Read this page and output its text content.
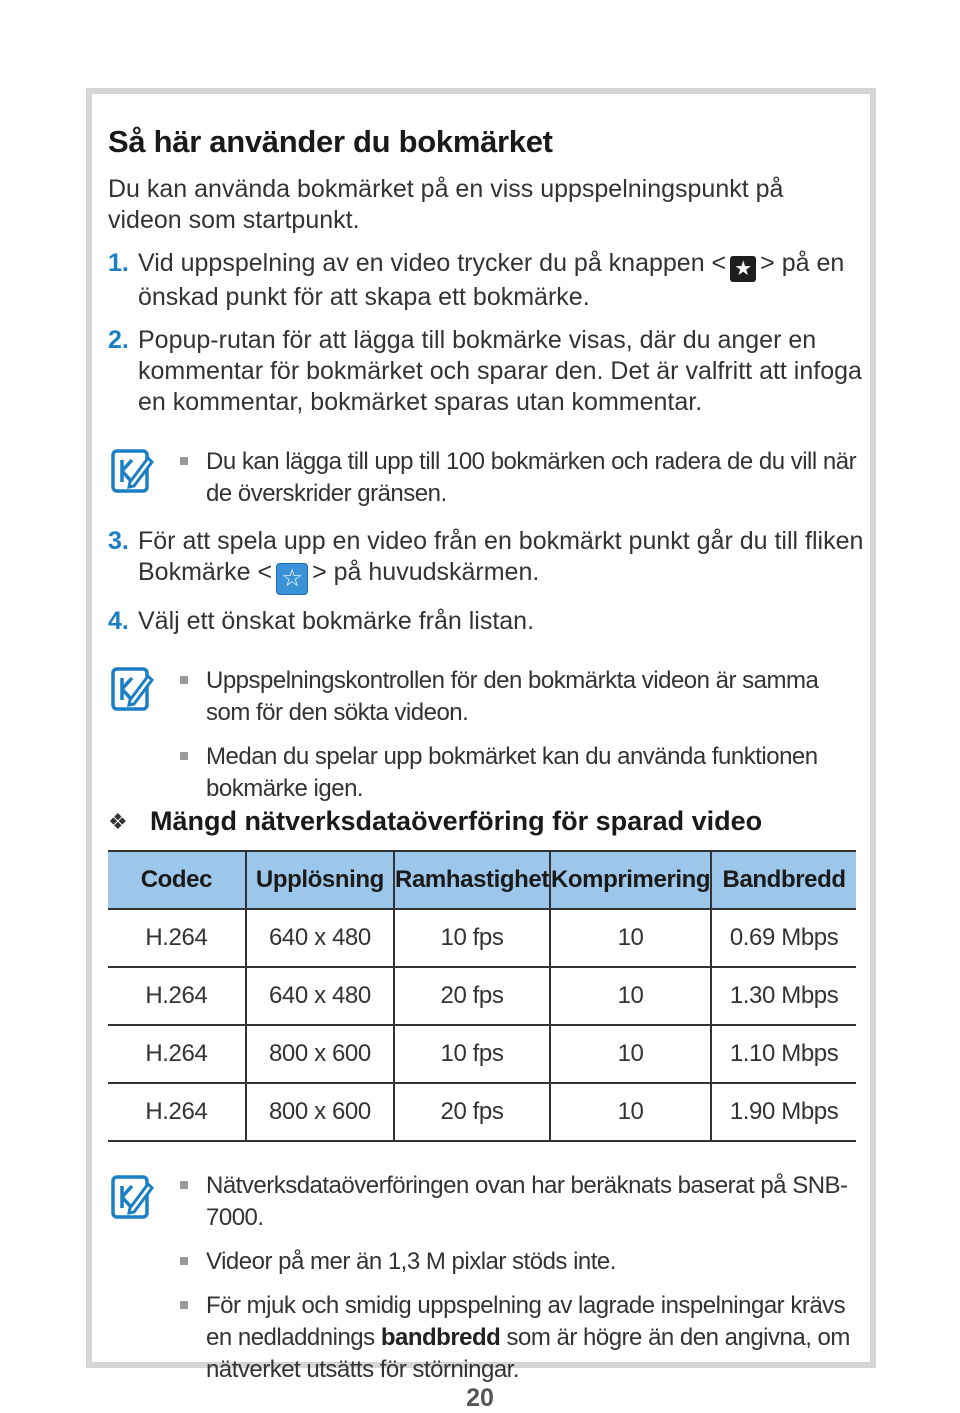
Så här använder du bokmärket
Du kan använda bokmärket på en viss uppspelningspunkt på videon som startpunkt.
1. Vid uppspelning av en video trycker du på knappen < ★ > på en önskad punkt för att skapa ett bokmärke.
2. Popup-rutan för att lägga till bokmärke visas, där du anger en kommentar för bokmärket och sparar den. Det är valfritt att infoga en kommentar, bokmärket sparas utan kommentar.
Du kan lägga till upp till 100 bokmärken och radera de du vill när de överskrider gränsen.
3. För att spela upp en video från en bokmärkt punkt går du till fliken Bokmärke < ☆ > på huvudskärmen.
4. Välj ett önskat bokmärke från listan.
Uppspelningskontrollen för den bokmärkta videon är samma som för den sökta videon.
Medan du spelar upp bokmärket kan du använda funktionen bokmärke igen.
❖ Mängd nätverksdataöverföring för sparad video
Codec	Upplösning	Ramhastighet	Komprimering	Bandbredd
H.264	640 x 480	10 fps	10	0.69 Mbps
H.264	640 x 480	20 fps	10	1.30 Mbps
H.264	800 x 600	10 fps	10	1.10 Mbps
H.264	800 x 600	20 fps	10	1.90 Mbps
Nätverksdataöverföringen ovan har beräknats baserat på SNB-7000.
Videor på mer än 1,3 M pixlar stöds inte.
För mjuk och smidig uppspelning av lagrade inspelningar krävs en nedladdnings bandbredd som är högre än den angivna, om nätverket utsätts för störningar.
20
